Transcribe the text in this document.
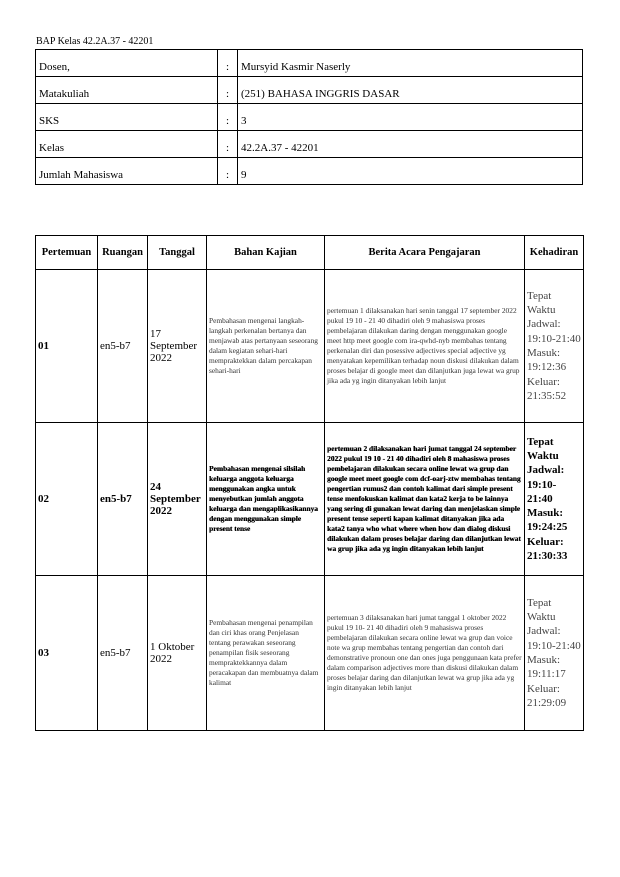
BAP Kelas 42.2A.37 - 42201
Dosen,	:	Mursyid Kasmir Naserly
Matakuliah	:	(251) BAHASA INGGRIS DASAR
SKS	:	3
Kelas	:	42.2A.37 - 42201
Jumlah Mahasiswa	:	9
Pertemuan	Ruangan	Tanggal	Bahan Kajian	Berita Acara Pengajaran	Kehadiran
01	en5-b7	17 September 2022	Pembahasan mengenai langkah-langkah perkenalan bertanya dan menjawab atas pertanyaan seseorang dalam kegiatan sehari-hari mempraktekkan dalam percakapan sehari-hari	pertemuan 1 dilaksanakan hari senin tanggal 17 september 2022 pukul 19 10 - 21 40 dihadiri oleh 9 mahasiswa proses pembelajaran dilakukan daring dengan menggunakan google meet http meet google com ira-qwhd-nyb membahas tentang perkenalan diri dan posessive adjectives special adjective yg menyatakan kepemilikan terhadap noun diskusi dilakukan dalam proses belajar di google meet dan dilanjutkan juga lewat wa grup jika ada yg ingin ditanyakan lebih lanjut	Tepat Waktu Jadwal: 19:10-21:40 Masuk: 19:12:36 Keluar: 21:35:52
02	en5-b7	24 September 2022	Pembahasan mengenai silsilah keluarga anggota keluarga menggunakan angka untuk menyebutkan jumlah anggota keluarga dan mengaplikasikannya dengan menggunakan simple present tense	pertemuan 2 dilaksanakan hari jumat tanggal 24 september 2022 pukul 19 10 - 21 40 dihadiri oleh 8 mahasiswa proses pembelajaran dilakukan secara online lewat wa grup dan google meet meet google com dcf-oarj-ztw membahas tentang pengertian rumus2 dan contoh kalimat dari simple present tense menfokuskan kalimat dan kata2 kerja to be lainnya yang sering di gunakan lewat daring dan menjelaskan simple present tense seperti kapan kalimat ditanyakan jika ada kata2 tanya who what where when how dan dialog diskusi dilakukan dalam proses belajar daring dan dilanjutkan lewat wa grup jika ada yg ingin ditanyakan lebih lanjut	Tepat Waktu Jadwal: 19:10-21:40 Masuk: 19:24:25 Keluar: 21:30:33
03	en5-b7	1 Oktober 2022	Pembahasan mengenai penampilan dan ciri khas orang Penjelasan tentang perawakan seseorang penampilan fisik seseorang mempraktekkannya dalam peracakapan dan membuatnya dalam kalimat	pertemuan 3 dilaksanakan hari jumat tanggal 1 oktober 2022 pukul 19 10- 21 40 dihadiri oleh 9 mahasiswa proses pembelajaran dilakukan secara online lewat wa grup dan voice note wa grup membahas tentang pengertian dan contoh dari demonstrative pronoun one dan ones juga penggunaan kata prefer dalam comparison adjectives more than diskusi dilakukan dalam proses belajar daring dan dilanjutkan lewat wa grup jika ada yg ingin ditanyakan lebih lanjut	Tepat Waktu Jadwal: 19:10-21:40 Masuk: 19:11:17 Keluar: 21:29:09
